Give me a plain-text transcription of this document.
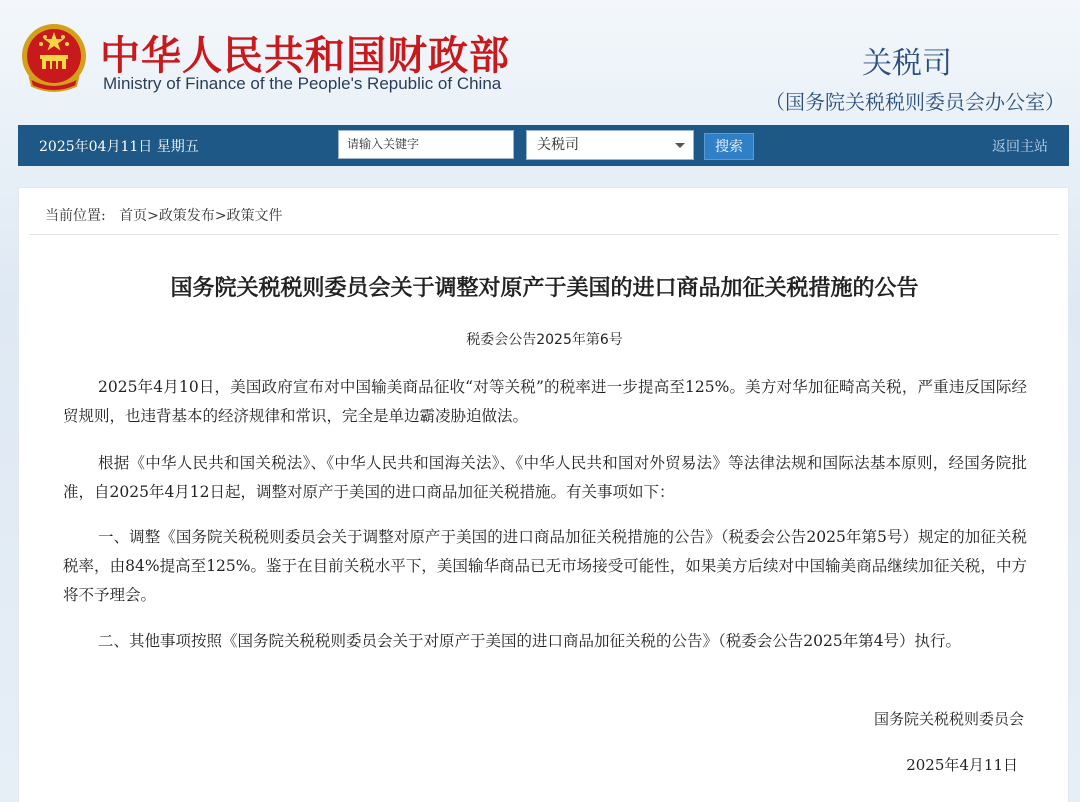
中华人民共和国财政部
Ministry of Finance of the People's Republic of China
关税司
（国务院关税税则委员会办公室）
2025年04月11日 星期五	请输入关键字	关税司	搜索	返回主站
当前位置: 首页>政策发布>政策文件
国务院关税税则委员会关于调整对原产于美国的进口商品加征关税措施的公告
税委会公告2025年第6号

2025年4月10日，美国政府宣布对中国输美商品征收“对等关税”的税率进一步提高至125%。美方对华加征畸高关税，严重违反国际经贸规则，也违背基本的经济规律和常识，完全是单边霸凌胁迫做法。

根据《中华人民共和国关税法》、《中华人民共和国海关法》、《中华人民共和国对外贸易法》等法律法规和国际法基本原则，经国务院批准，自2025年4月12日起，调整对原产于美国的进口商品加征关税措施。有关事项如下：

一、调整《国务院关税税则委员会关于调整对原产于美国的进口商品加征关税措施的公告》（税委会公告2025年第5号）规定的加征关税税率，由84%提高至125%。鉴于在目前关税水平下，美国输华商品已无市场接受可能性，如果美方后续对中国输美商品继续加征关税，中方将不予理会。

二、其他事项按照《国务院关税税则委员会关于对原产于美国的进口商品加征关税的公告》（税委会公告2025年第4号）执行。

国务院关税税则委员会
2025年4月11日
